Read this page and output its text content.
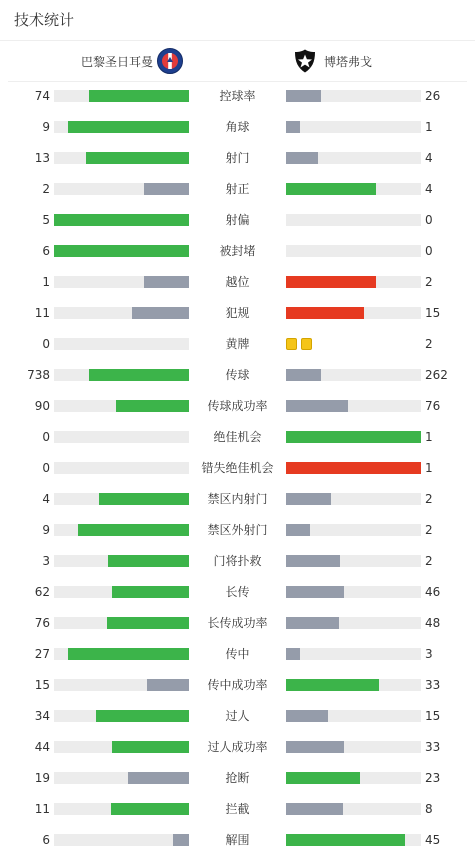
技术统计
巴黎圣日耳曼	博塔弗戈
74	控球率	26
9	角球	1
13	射门	4
2	射正	4
5	射偏	0
6	被封堵	0
1	越位	2
11	犯规	15
0	黄牌	2
738	传球	262
90	传球成功率	76
0	绝佳机会	1
0	错失绝佳机会	1
4	禁区内射门	2
9	禁区外射门	2
3	门将扑救	2
62	长传	46
76	长传成功率	48
27	传中	3
15	传中成功率	33
34	过人	15
44	过人成功率	33
19	抢断	23
11	拦截	8
6	解围	45
